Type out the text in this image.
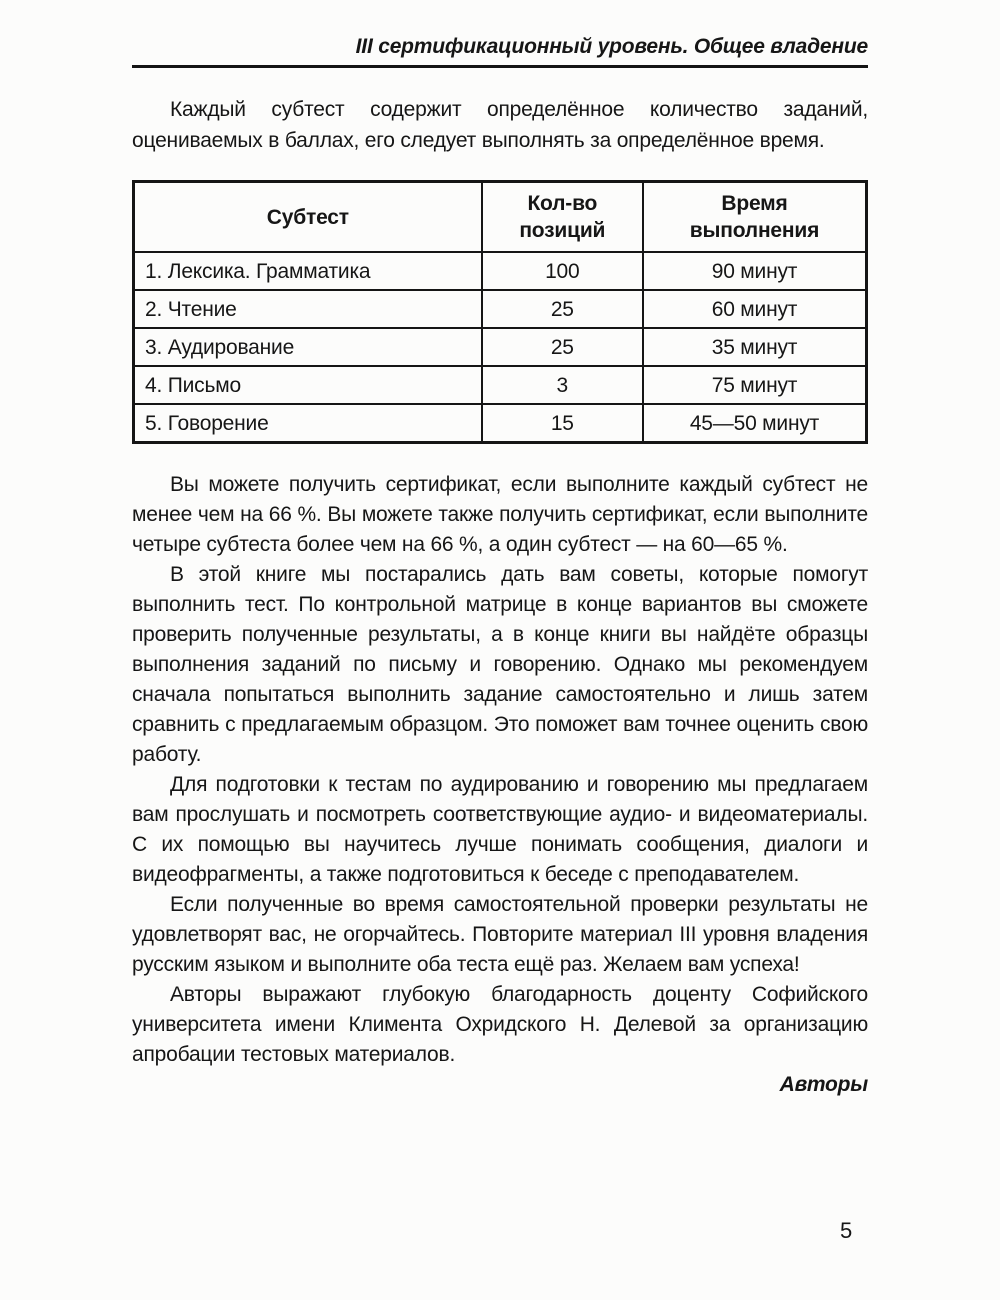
III сертификационный уровень. Общее владение

Каждый субтест содержит определённое количество заданий, оцениваемых в баллах, его следует выполнять за определённое время.

Субтест	Кол-во позиций	Время выполнения
1. Лексика. Грамматика	100	90 минут
2. Чтение	25	60 минут
3. Аудирование	25	35 минут
4. Письмо	3	75 минут
5. Говорение	15	45—50 минут

Вы можете получить сертификат, если выполните каждый субтест не менее чем на 66 %. Вы можете также получить сертификат, если выполните четыре субтеста более чем на 66 %, а один субтест — на 60—65 %.

В этой книге мы постарались дать вам советы, которые помогут выполнить тест. По контрольной матрице в конце вариантов вы сможете проверить полученные результаты, а в конце книги вы найдёте образцы выполнения заданий по письму и говорению. Однако мы рекомендуем сначала попытаться выполнить задание самостоятельно и лишь затем сравнить с предлагаемым образцом. Это поможет вам точнее оценить свою работу.

Для подготовки к тестам по аудированию и говорению мы предлагаем вам прослушать и посмотреть соответствующие аудио- и видеоматериалы. С их помощью вы научитесь лучше понимать сообщения, диалоги и видеофрагменты, а также подготовиться к беседе с преподавателем.

Если полученные во время самостоятельной проверки результаты не удовлетворят вас, не огорчайтесь. Повторите материал III уровня владения русским языком и выполните оба теста ещё раз. Желаем вам успеха!

Авторы выражают глубокую благодарность доценту Софийского университета имени Климента Охридского Н. Делевой за организацию апробации тестовых материалов.

Авторы
5
